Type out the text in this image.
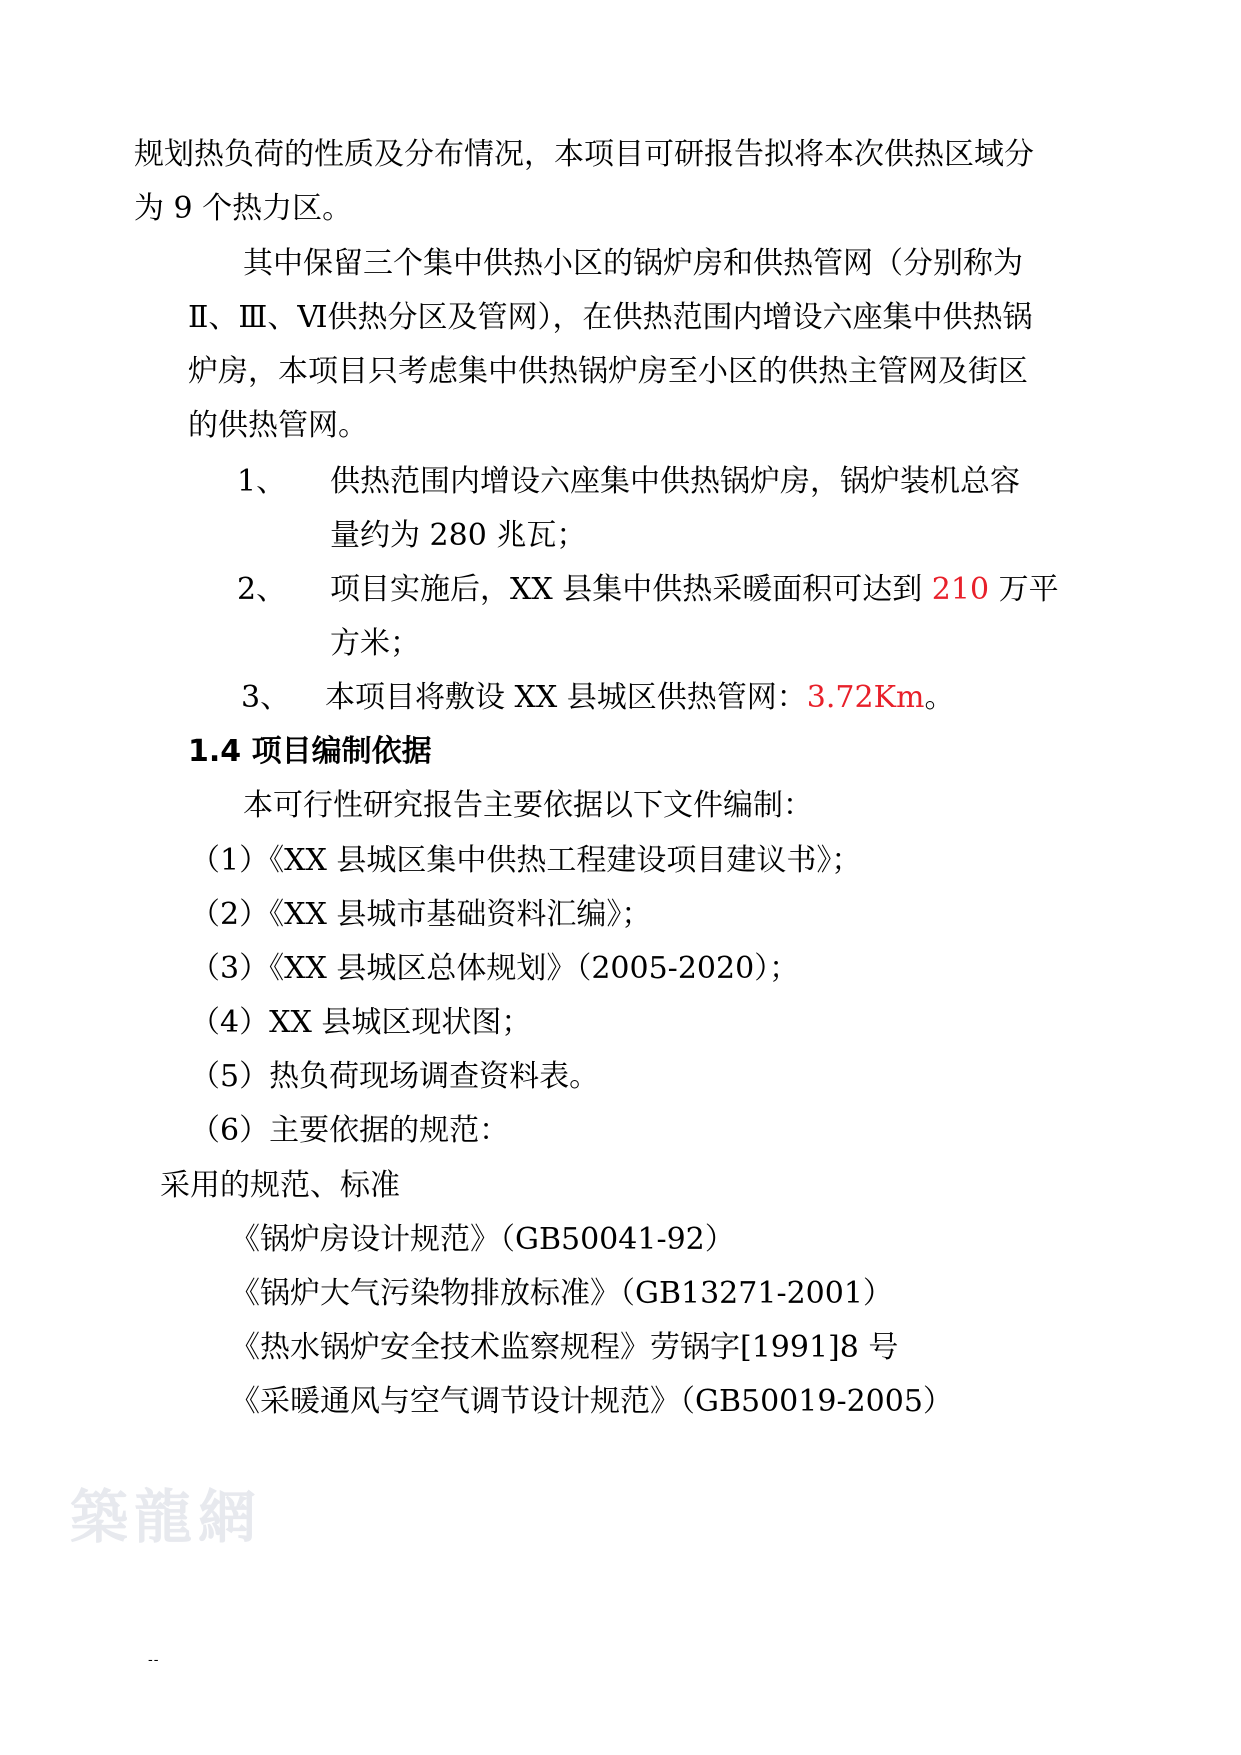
築龍網
规划热负荷的性质及分布情况，本项目可研报告拟将本次供热区域分
为 9 个热力区。
其中保留三个集中供热小区的锅炉房和供热管网（分别称为
Ⅱ、Ⅲ、Ⅵ供热分区及管网），在供热范围内增设六座集中供热锅
炉房，本项目只考虑集中供热锅炉房至小区的供热主管网及街区
的供热管网。
1、 供热范围内增设六座集中供热锅炉房，锅炉装机总容
量约为 280 兆瓦；
2、 项目实施后，XX 县集中供热采暖面积可达到 210 万平
方米；
3、 本项目将敷设 XX 县城区供热管网：3.72Km。
1.4 项目编制依据
本可行性研究报告主要依据以下文件编制：
（1）《XX 县城区集中供热工程建设项目建议书》；
（2）《XX 县城市基础资料汇编》；
（3）《XX 县城区总体规划》（2005-2020）；
（4）XX 县城区现状图；
（5）热负荷现场调查资料表。
（6）主要依据的规范：
采用的规范、标准
《锅炉房设计规范》（GB50041-92）
《锅炉大气污染物排放标准》（GB13271-2001）
《热水锅炉安全技术监察规程》劳锅字[1991]8 号
《采暖通风与空气调节设计规范》（GB50019-2005）
--
